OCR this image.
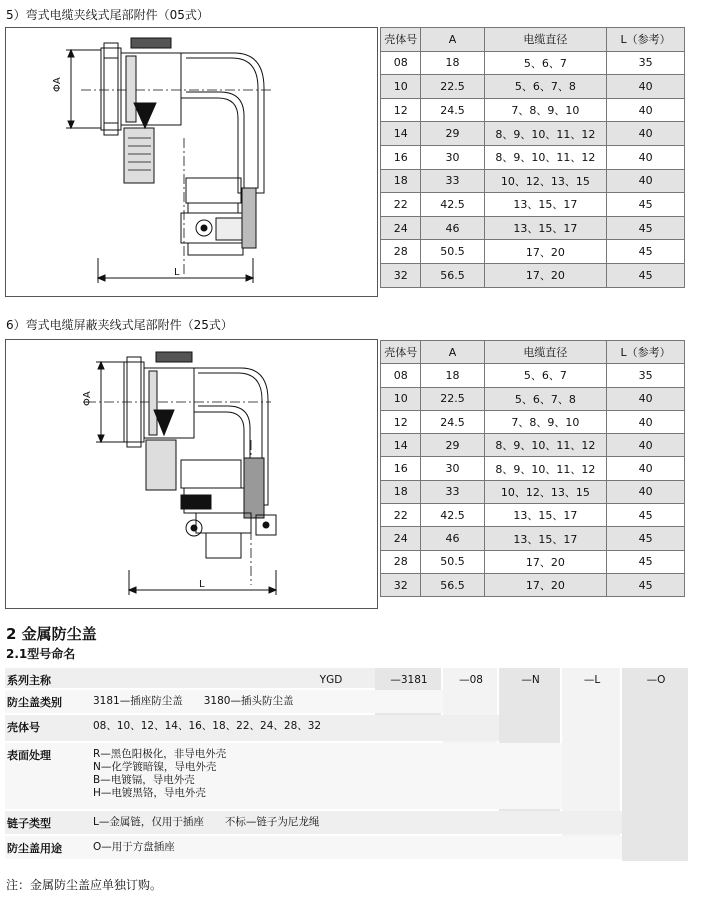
5）弯式电缆夹线式尾部附件（05式）
ΦA
L
壳体号	A	电缆直径	L（参考）
08	18	5、6、7	35
10	22.5	5、6、7、8	40
12	24.5	7、8、9、10	40
14	29	8、9、10、11、12	40
16	30	8、9、10、11、12	40
18	33	10、12、13、15	40
22	42.5	13、15、17	45
24	46	13、15、17	45
28	50.5	17、20	45
32	56.5	17、20	45
6）弯式电缆屏蔽夹线式尾部附件（25式）
ΦA
L
壳体号	A	电缆直径	L（参考）
08	18	5、6、7	35
10	22.5	5、6、7、8	40
12	24.5	7、8、9、10	40
14	29	8、9、10、11、12	40
16	30	8、9、10、11、12	40
18	33	10、12、13、15	40
22	42.5	13、15、17	45
24	46	13、15、17	45
28	50.5	17、20	45
32	56.5	17、20	45
2 金属防尘盖
2.1型号命名
系列主称
防尘盖类别	3181—插座防尘盖　　3180—插头防尘盖
壳体号	08、10、12、14、16、18、22、24、28、32
表面处理	R—黑色阳极化，非导电外壳
N—化学镀暗镍，导电外壳
B—电镀镉，导电外壳
H—电镀黑铬，导电外壳
链子类型	L—金属链，仅用于插座　　不标—链子为尼龙绳
防尘盖用途	O—用于方盘插座
YGD	—3181	—08	—N	—L	—O
注：金属防尘盖应单独订购。
